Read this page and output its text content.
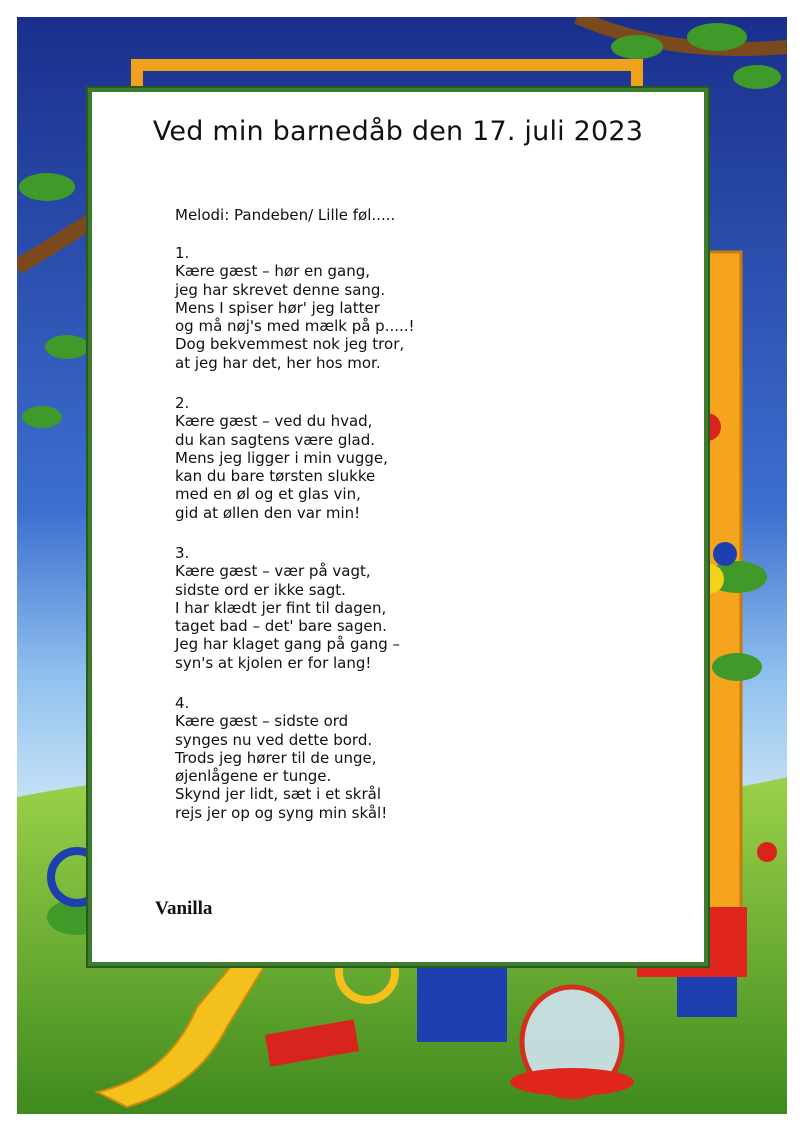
Ved min barnedåb den 17. juli 2023

Melodi: Pandeben/ Lille føl.....

1.
Kære gæst – hør en gang,
jeg har skrevet denne sang.
Mens I spiser hør' jeg latter
og må nøj's med mælk på p.....!
Dog bekvemmest nok jeg tror,
at jeg har det, her hos mor.
2.
Kære gæst – ved du hvad,
du kan sagtens være glad.
Mens jeg ligger i min vugge,
kan du bare tørsten slukke
med en øl og et glas vin,
gid at øllen den var min!
3.
Kære gæst – vær på vagt,
sidste ord er ikke sagt.
I har klædt jer fint til dagen,
taget bad – det' bare sagen.
Jeg har klaget gang på gang –
syn's at kjolen er for lang!
4.
Kære gæst – sidste ord
synges nu ved dette bord.
Trods jeg hører til de unge,
øjenlågene er tunge.
Skynd jer lidt, sæt i et skrål
rejs jer op og syng min skål!
Vanilla
